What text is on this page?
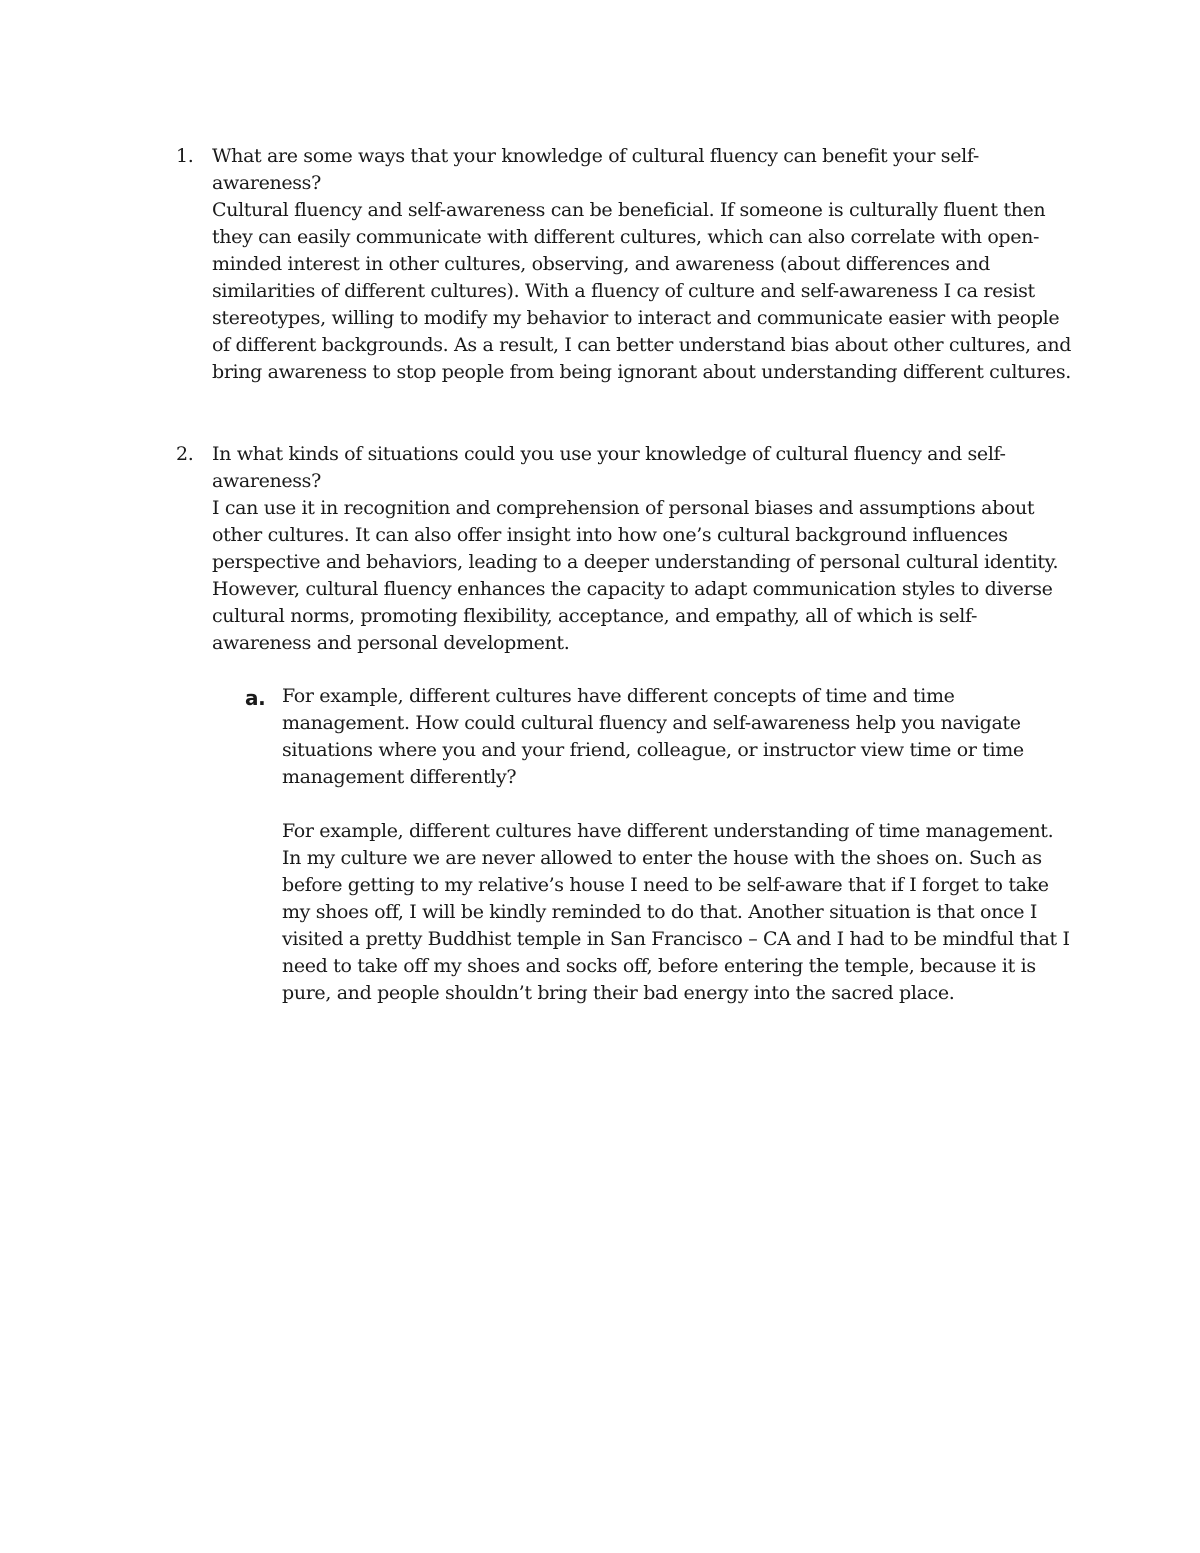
1. What are some ways that your knowledge of cultural fluency can benefit your self-awareness?

Cultural fluency and self-awareness can be beneficial. If someone is culturally fluent then they can easily communicate with different cultures, which can also correlate with open-minded interest in other cultures, observing, and awareness (about differences and similarities of different cultures). With a fluency of culture and self-awareness I ca resist stereotypes, willing to modify my behavior to interact and communicate easier with people of different backgrounds. As a result, I can better understand bias about other cultures, and bring awareness to stop people from being ignorant about understanding different cultures.

2. In what kinds of situations could you use your knowledge of cultural fluency and self-awareness?

I can use it in recognition and comprehension of personal biases and assumptions about other cultures. It can also offer insight into how one’s cultural background influences perspective and behaviors, leading to a deeper understanding of personal cultural identity. However, cultural fluency enhances the capacity to adapt communication styles to diverse cultural norms, promoting flexibility, acceptance, and empathy, all of which is self-awareness and personal development.

a. For example, different cultures have different concepts of time and time management. How could cultural fluency and self-awareness help you navigate situations where you and your friend, colleague, or instructor view time or time management differently?

For example, different cultures have different understanding of time management. In my culture we are never allowed to enter the house with the shoes on. Such as before getting to my relative’s house I need to be self-aware that if I forget to take my shoes off, I will be kindly reminded to do that. Another situation is that once I visited a pretty Buddhist temple in San Francisco – CA and I had to be mindful that I need to take off my shoes and socks off, before entering the temple, because it is pure, and people shouldn’t bring their bad energy into the sacred place.
